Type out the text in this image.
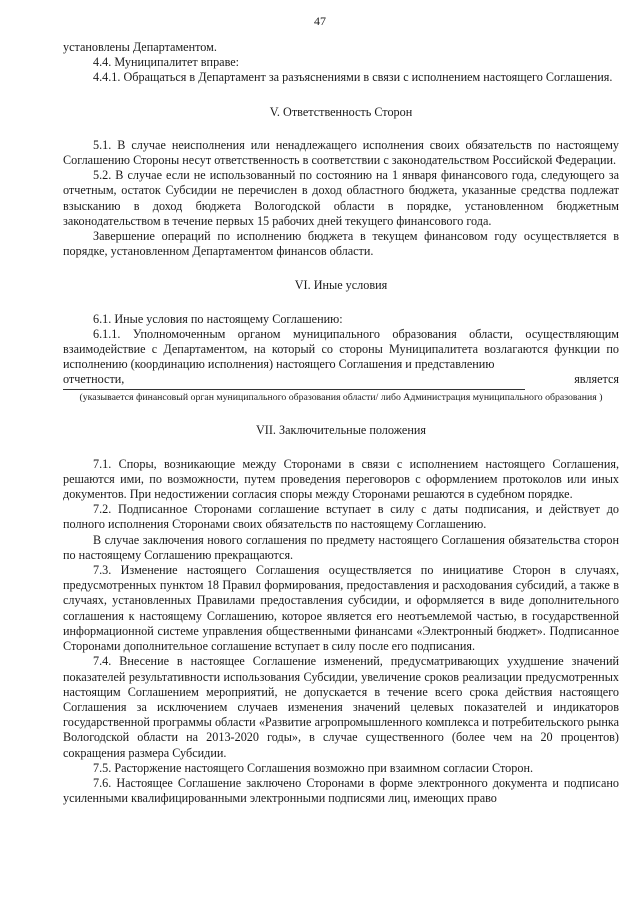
47

установлены Департаментом.

4.4. Муниципалитет вправе:

4.4.1. Обращаться в Департамент за разъяснениями в связи с исполнением настоящего Соглашения.

V. Ответственность Сторон

5.1. В случае неисполнения или ненадлежащего исполнения своих обязательств по настоящему Соглашению Стороны несут ответственность в соответствии с законодательством Российской Федерации.

5.2. В случае если не использованный по состоянию на 1 января финансового года, следующего за отчетным, остаток Субсидии не перечислен в доход областного бюджета, указанные средства подлежат взысканию в доход бюджета Вологодской области в порядке, установленном бюджетным законодательством в течение первых 15 рабочих дней текущего финансового года.

Завершение операций по исполнению бюджета в текущем финансовом году осуществляется в порядке, установленном Департаментом финансов области.

VI. Иные условия

6.1. Иные условия по настоящему Соглашению:

6.1.1. Уполномоченным органом муниципального образования области, осуществляющим взаимодействие с Департаментом, на который со стороны Муниципалитета возлагаются функции по исполнению (координацию исполнения) настоящего Соглашения и представлению

отчетности,	является

(указывается финансовый орган муниципального образования области/ либо Администрация муниципального образования )

VII. Заключительные положения

7.1. Споры, возникающие между Сторонами в связи с исполнением настоящего Соглашения, решаются ими, по возможности, путем проведения переговоров с оформлением протоколов или иных документов. При недостижении согласия споры между Сторонами решаются в судебном порядке.

7.2. Подписанное Сторонами соглашение вступает в силу с даты подписания, и действует до полного исполнения Сторонами своих обязательств по настоящему Соглашению.

В случае заключения нового соглашения по предмету настоящего Соглашения обязательства сторон по настоящему Соглашению прекращаются.

7.3. Изменение настоящего Соглашения осуществляется по инициативе Сторон в случаях, предусмотренных пунктом 18 Правил формирования, предоставления и расходования субсидий, а также в случаях, установленных Правилами предоставления субсидии, и оформляется в виде дополнительного соглашения к настоящему Соглашению, которое является его неотъемлемой частью, в государственной информационной системе управления общественными финансами «Электронный бюджет». Подписанное Сторонами дополнительное соглашение вступает в силу после его подписания.

7.4. Внесение в настоящее Соглашение изменений, предусматривающих ухудшение значений показателей результативности использования Субсидии, увеличение сроков реализации предусмотренных настоящим Соглашением мероприятий, не допускается в течение всего срока действия настоящего Соглашения за исключением случаев изменения значений целевых показателей и индикаторов государственной программы области «Развитие агропромышленного комплекса и потребительского рынка Вологодской области на 2013-2020 годы», в случае существенного (более чем на 20 процентов) сокращения размера Субсидии.

7.5. Расторжение настоящего Соглашения возможно при взаимном согласии Сторон.

7.6. Настоящее Соглашение заключено Сторонами в форме электронного документа и подписано усиленными квалифицированными электронными подписями лиц, имеющих право
